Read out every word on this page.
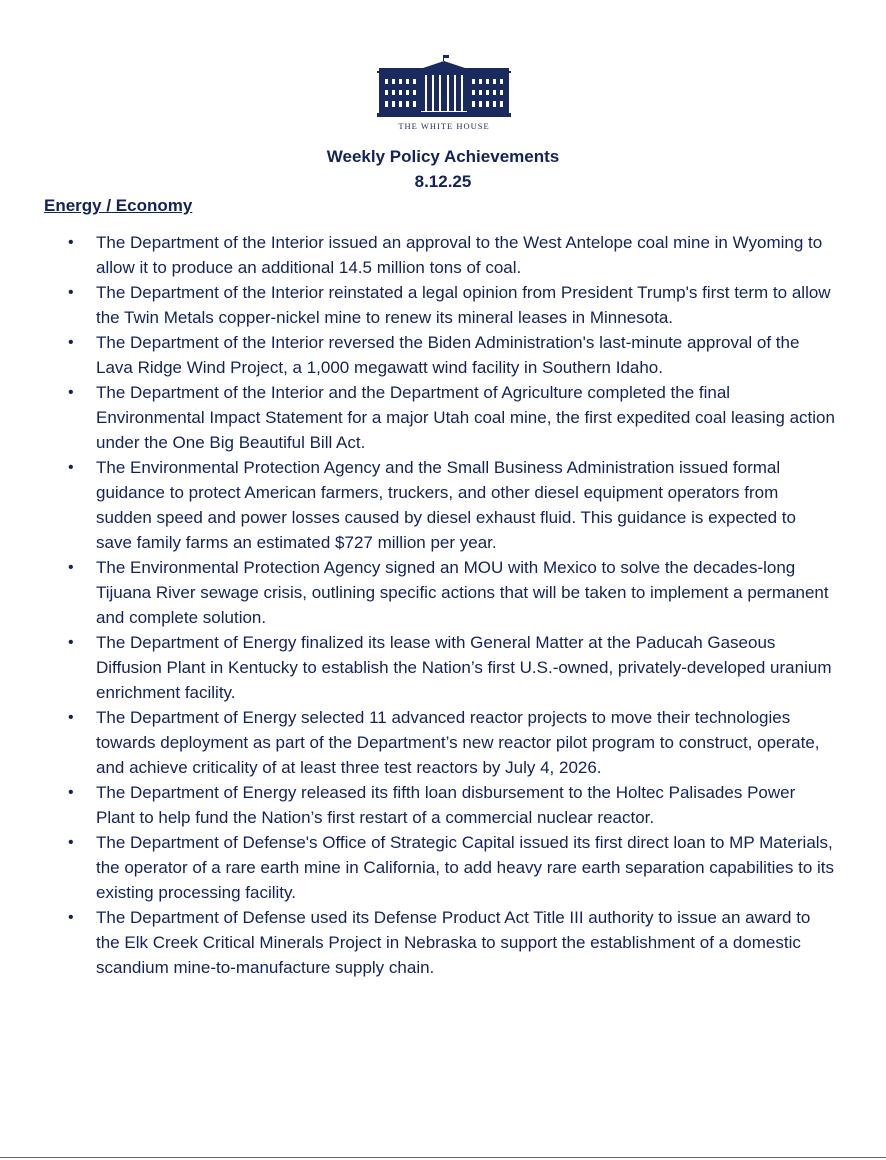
THE WHITE HOUSE
Weekly Policy Achievements
8.12.25
Energy / Economy
• The Department of the Interior issued an approval to the West Antelope coal mine in Wyoming to allow it to produce an additional 14.5 million tons of coal.
• The Department of the Interior reinstated a legal opinion from President Trump's first term to allow the Twin Metals copper-nickel mine to renew its mineral leases in Minnesota.
• The Department of the Interior reversed the Biden Administration's last-minute approval of the Lava Ridge Wind Project, a 1,000 megawatt wind facility in Southern Idaho.
• The Department of the Interior and the Department of Agriculture completed the final Environmental Impact Statement for a major Utah coal mine, the first expedited coal leasing action under the One Big Beautiful Bill Act.
• The Environmental Protection Agency and the Small Business Administration issued formal guidance to protect American farmers, truckers, and other diesel equipment operators from sudden speed and power losses caused by diesel exhaust fluid. This guidance is expected to save family farms an estimated $727 million per year.
• The Environmental Protection Agency signed an MOU with Mexico to solve the decades-long Tijuana River sewage crisis, outlining specific actions that will be taken to implement a permanent and complete solution.
• The Department of Energy finalized its lease with General Matter at the Paducah Gaseous Diffusion Plant in Kentucky to establish the Nation’s first U.S.-owned, privately-developed uranium enrichment facility.
• The Department of Energy selected 11 advanced reactor projects to move their technologies towards deployment as part of the Department’s new reactor pilot program to construct, operate, and achieve criticality of at least three test reactors by July 4, 2026.
• The Department of Energy released its fifth loan disbursement to the Holtec Palisades Power Plant to help fund the Nation’s first restart of a commercial nuclear reactor.
• The Department of Defense's Office of Strategic Capital issued its first direct loan to MP Materials, the operator of a rare earth mine in California, to add heavy rare earth separation capabilities to its existing processing facility.
• The Department of Defense used its Defense Product Act Title III authority to issue an award to the Elk Creek Critical Minerals Project in Nebraska to support the establishment of a domestic scandium mine-to-manufacture supply chain.
